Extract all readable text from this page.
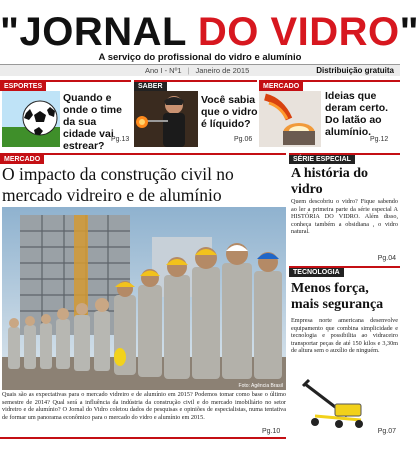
"JORNAL DO VIDRO"
A serviço do profissional do vidro e alumínio
Ano I - Nº1 | Janeiro de 2015	Distribuição gratuita
ESPORTES
Quando e onde o time da sua cidade vai estrear?
Pg.13
SABER
Você sabia que o vidro é líquido?
Pg.06
MERCADO
Ideias que deram certo. Do latão ao alumínio.
Pg.12
MERCADO
O impacto da construção civil no mercado vidreiro e de alumínio
Foto: Agência Brasil
Quais são as expectativas para o mercado vidreiro e de alumínio em 2015? Podemos tomar como base o último semestre de 2014? Qual será a influência da indústria da construção civil e do mercado imobiliário no setor vidreiro e de alumínio? O Jornal do Vidro coletou dados de pesquisas e opiniões de especialistas, numa tentativa de formar um panorama econômico para o mercado do vidro e alumínio em 2015.
Pg.10
SÉRIE ESPECIAL
A história do vidro
Quem descobriu o vidro? Fique sabendo ao ler a primeira parte da série especial A HISTÓRIA DO VIDRO. Além disso, conheça também a obsidiana , o vidro natural.
Pg.04
TECNOLOGIA
Menos força, mais segurança
Empresa norte americana desenvolve equipamento que combina simplicidade e tecnologia e possibilita ao vidraceiro transportar peças de até 150 kilos e 3,30m de altura sem o auxílio de ninguém.
Pg.07
